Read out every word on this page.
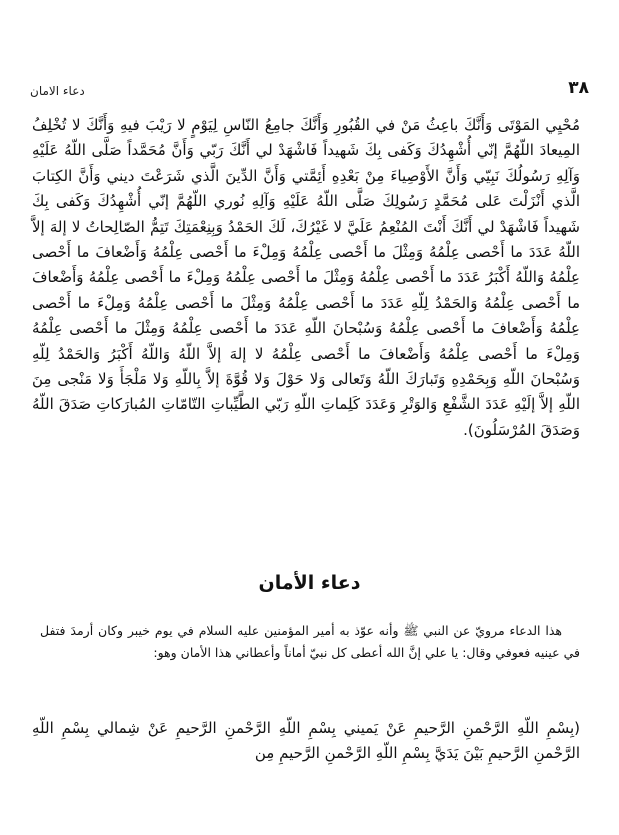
دعاء الامان	٣٨

مُحْيِي المَوْتَى وَأَنَّكَ باعِثُ مَنْ في القُبُورِ وَأَنَّكَ جامِعُ النّاسِ لِيَوْمٍ لا رَيْبَ فيهِ وَأَنَّكَ لا تُخْلِفُ المِيعادَ اللّهُمَّ إنّي أُشْهِدُكَ وَكَفى بِكَ شَهيداً فَاشْهَدْ لي أَنَّكَ رَبّي وَأَنَّ مُحَمَّداً صَلَّى اللّهُ عَلَيْهِ وَآلِهِ رَسُولُكَ نَبِيّي وَأَنَّ الأَوْصِياءَ مِنْ بَعْدِهِ أَئِمَّتي وَأَنَّ الدِّينَ الَّذي شَرَعْتَ ديني وَأَنَّ الكِتابَ الَّذي أَنْزَلْتَ عَلى مُحَمَّدٍ رَسُولِكَ صَلَّى اللّهُ عَلَيْهِ وَآلِهِ نُوري اللّهُمَّ إنّي أُشْهِدُكَ وَكَفى بِكَ شَهيداً فَاشْهَدْ لي أَنَّكَ أَنْتَ المُنْعِمُ عَلَيَّ لا غَيْرُكَ، لَكَ الحَمْدُ وَبِنِعْمَتِكَ تَتِمُّ الصّالِحاتُ لا إلهَ إلاَّ اللّهُ عَدَدَ ما أَحْصى عِلْمُهُ وَمِثْلَ ما أَحْصى عِلْمُهُ وَمِلْءَ ما أَحْصى عِلْمُهُ وَأَضْعافَ ما أَحْصى عِلْمُهُ وَاللّهُ أَكْبَرُ عَدَدَ ما أَحْصى عِلْمُهُ وَمِثْلَ ما أَحْصى عِلْمُهُ وَمِلْءَ ما أَحْصى عِلْمُهُ وَأَضْعافَ ما أَحْصى عِلْمُهُ وَالحَمْدُ لِلّهِ عَدَدَ ما أَحْصى عِلْمُهُ وَمِثْلَ ما أَحْصى عِلْمُهُ وَمِلْءَ ما أَحْصى عِلْمُهُ وَأَضْعافَ ما أَحْصى عِلْمُهُ وَسُبْحانَ اللّهِ عَدَدَ ما أَحْصى عِلْمُهُ وَمِثْلَ ما أَحْصى عِلْمُهُ وَمِلْءَ ما أَحْصى عِلْمُهُ وَأَضْعافَ ما أَحْصى عِلْمُهُ لا إلهَ إلاَّ اللّهُ وَاللّهُ أَكْبَرُ وَالحَمْدُ لِلّهِ وَسُبْحانَ اللّهِ وَبِحَمْدِهِ وَتَبارَكَ اللّهُ وَتَعالى وَلا حَوْلَ وَلا قُوَّةَ إلاَّ بِاللّهِ وَلا مَلْجَأَ وَلا مَنْجى مِنَ اللّهِ إلاَّ إلَيْهِ عَدَدَ الشَّفْعِ وَالوَتْرِ وَعَدَدَ كَلِماتِ اللّهِ رَبّي الطَّيِّباتِ التّامّاتِ المُبارَكاتِ صَدَقَ اللّهُ وَصَدَقَ المُرْسَلُونَ).

دعاء الأمان

هذا الدعاء مرويّ عن النبي ﷺ وأنه عوّذ به أمير المؤمنين عليه السلام في يوم خيبر وكان أرمدَ فتفل في عينيه فعوفي وقال: يا علي إنَّ الله أعطى كل نبيّ أماناً وأعطاني هذا الأمان وهو:

(بِسْمِ اللّهِ الرَّحْمنِ الرَّحيمِ عَنْ يَميني بِسْمِ اللّهِ الرَّحْمنِ الرَّحيمِ عَنْ شِمالي بِسْمِ اللّهِ الرَّحْمنِ الرَّحيمِ بَيْنَ يَدَيَّ بِسْمِ اللّهِ الرَّحْمنِ الرَّحيمِ مِن
